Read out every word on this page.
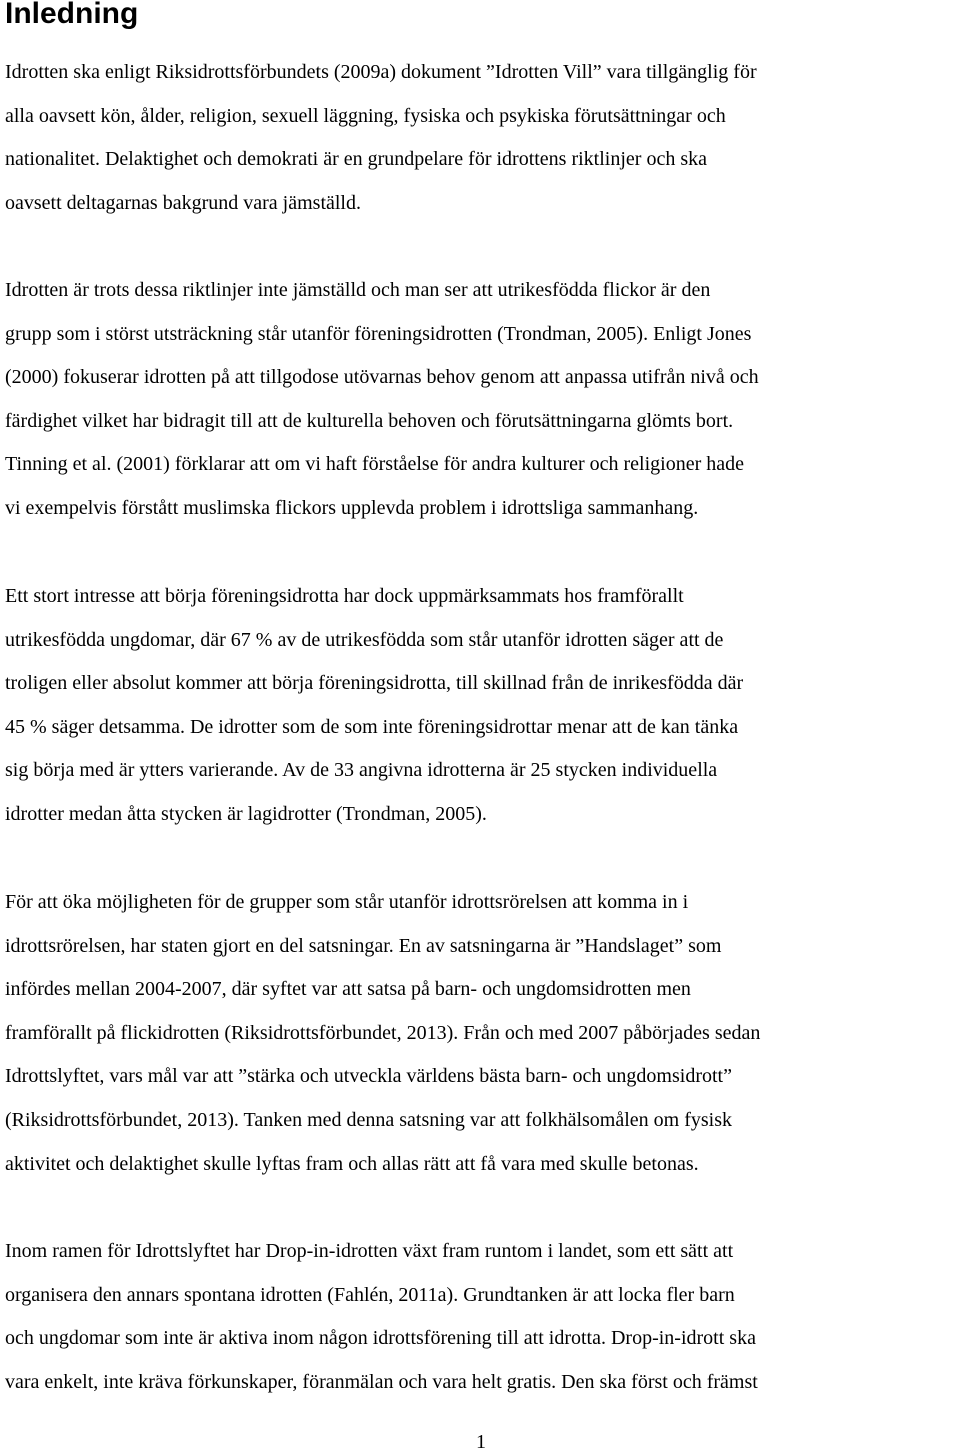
Inledning
Idrotten ska enligt Riksidrottsförbundets (2009a) dokument ”Idrotten Vill” vara tillgänglig för
alla oavsett kön, ålder, religion, sexuell läggning, fysiska och psykiska förutsättningar och
nationalitet. Delaktighet och demokrati är en grundpelare för idrottens riktlinjer och ska
oavsett deltagarnas bakgrund vara jämställd.
Idrotten är trots dessa riktlinjer inte jämställd och man ser att utrikesfödda flickor är den
grupp som i störst utsträckning står utanför föreningsidrotten (Trondman, 2005). Enligt Jones
(2000) fokuserar idrotten på att tillgodose utövarnas behov genom att anpassa utifrån nivå och
färdighet vilket har bidragit till att de kulturella behoven och förutsättningarna glömts bort.
Tinning et al. (2001) förklarar att om vi haft förståelse för andra kulturer och religioner hade
vi exempelvis förstått muslimska flickors upplevda problem i idrottsliga sammanhang.
Ett stort intresse att börja föreningsidrotta har dock uppmärksammats hos framförallt
utrikesfödda ungdomar, där 67 % av de utrikesfödda som står utanför idrotten säger att de
troligen eller absolut kommer att börja föreningsidrotta, till skillnad från de inrikesfödda där
45 % säger detsamma. De idrotter som de som inte föreningsidrottar menar att de kan tänka
sig börja med är ytters varierande. Av de 33 angivna idrotterna är 25 stycken individuella
idrotter medan åtta stycken är lagidrotter (Trondman, 2005).
För att öka möjligheten för de grupper som står utanför idrottsrörelsen att komma in i
idrottsrörelsen, har staten gjort en del satsningar. En av satsningarna är ”Handslaget” som
infördes mellan 2004-2007, där syftet var att satsa på barn- och ungdomsidrotten men
framförallt på flickidrotten (Riksidrottsförbundet, 2013). Från och med 2007 påbörjades sedan
Idrottslyftet, vars mål var att ”stärka och utveckla världens bästa barn- och ungdomsidrott”
(Riksidrottsförbundet, 2013). Tanken med denna satsning var att folkhälsomålen om fysisk
aktivitet och delaktighet skulle lyftas fram och allas rätt att få vara med skulle betonas.
Inom ramen för Idrottslyftet har Drop-in-idrotten växt fram runtom i landet, som ett sätt att
organisera den annars spontana idrotten (Fahlén, 2011a). Grundtanken är att locka fler barn
och ungdomar som inte är aktiva inom någon idrottsförening till att idrotta. Drop-in-idrott ska
vara enkelt, inte kräva förkunskaper, föranmälan och vara helt gratis. Den ska först och främst
1
